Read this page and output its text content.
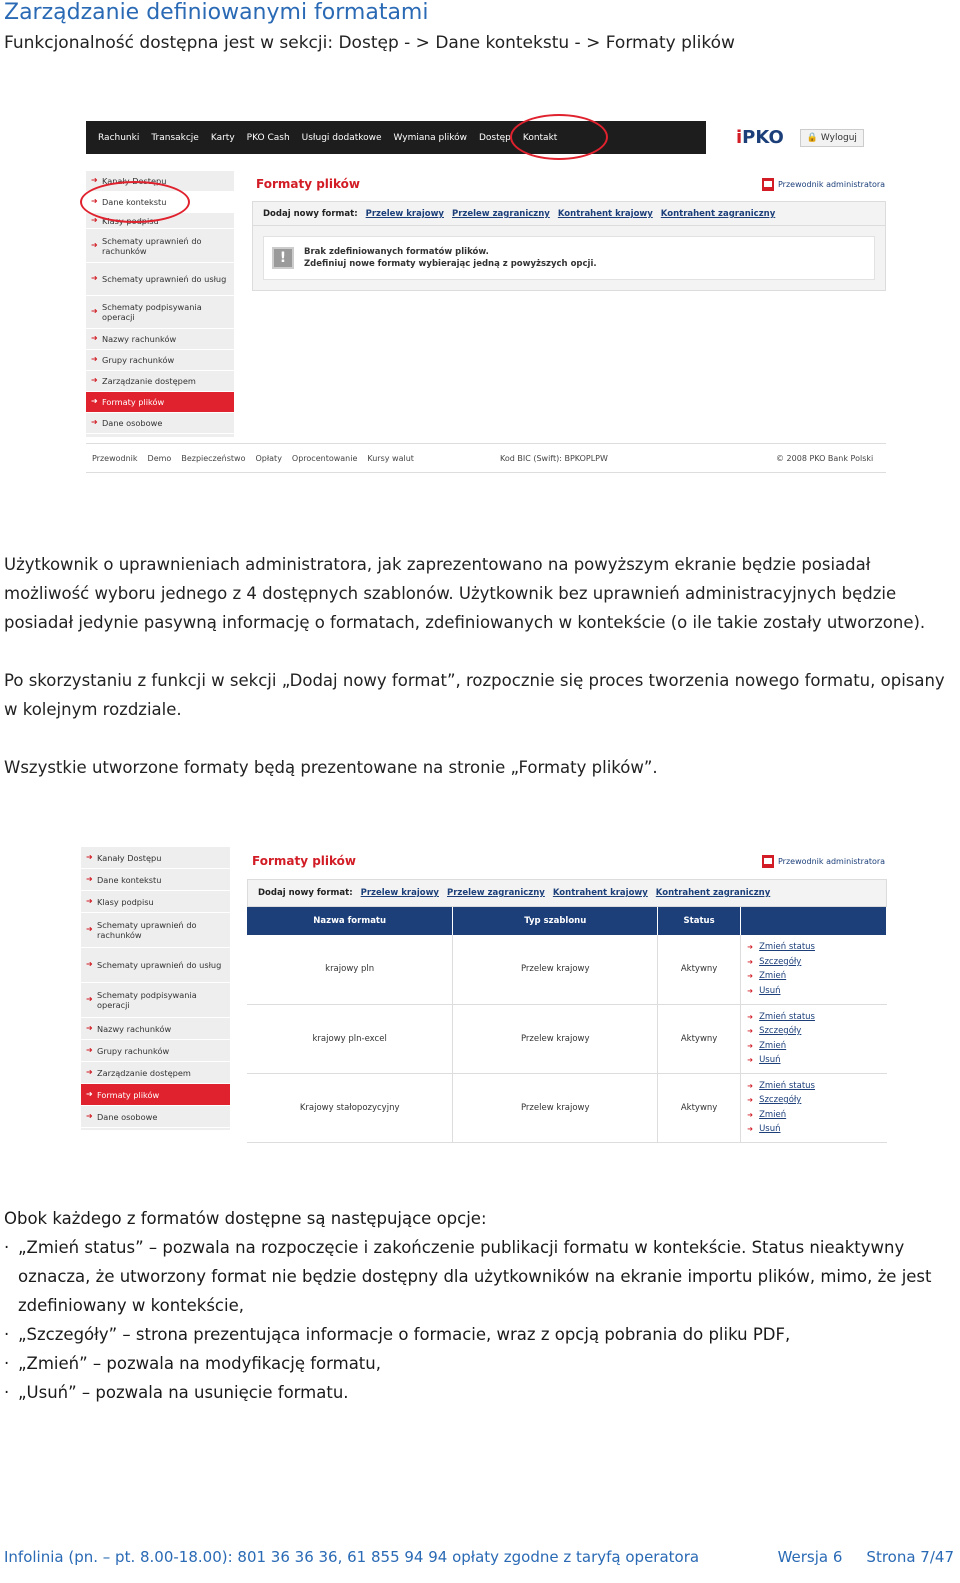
Zarządzanie definiowanymi formatami
Funkcjonalność dostępna jest w sekcji: Dostęp - > Dane kontekstu - > Formaty plików
Rachunki Transakcje Karty PKO Cash Usługi dodatkowe Wymiana plików Dostęp Kontakt	iPKO	🔒 Wyloguj
➜ Kanały Dostępu
➜ Dane kontekstu
➜ Klasy podpisu
➜ Schematy uprawnień do rachunków
➜ Schematy uprawnień do usług
➜ Schematy podpisywania operacji
➜ Nazwy rachunków
➜ Grupy rachunków
➜ Zarządzanie dostępem
➜ Formaty plików
➜ Dane osobowe
Formaty plików	Przewodnik administratora
Dodaj nowy format: Przelew krajowy Przelew zagraniczny Kontrahent krajowy Kontrahent zagraniczny
!	Brak zdefiniowanych formatów plików.
Zdefiniuj nowe formaty wybierając jedną z powyższych opcji.
Przewodnik Demo Bezpieczeństwo Opłaty Oprocentowanie Kursy walut	Kod BIC (Swift): BPKOPLPW	© 2008 PKO Bank Polski
Użytkownik o uprawnieniach administratora, jak zaprezentowano na powyższym ekranie będzie posiadał możliwość wyboru jednego z 4 dostępnych szablonów. Użytkownik bez uprawnień administracyjnych będzie posiadał jedynie pasywną informację o formatach, zdefiniowanych w kontekście (o ile takie zostały utworzone).
Po skorzystaniu z funkcji w sekcji „Dodaj nowy format”, rozpocznie się proces tworzenia nowego formatu, opisany w kolejnym rozdziale.
Wszystkie utworzone formaty będą prezentowane na stronie „Formaty plików”.
➜ Kanały Dostępu
➜ Dane kontekstu
➜ Klasy podpisu
➜ Schematy uprawnień do rachunków
➜ Schematy uprawnień do usług
➜ Schematy podpisywania operacji
➜ Nazwy rachunków
➜ Grupy rachunków
➜ Zarządzanie dostępem
➜ Formaty plików
➜ Dane osobowe
Formaty plików	Przewodnik administratora
Dodaj nowy format: Przelew krajowy Przelew zagraniczny Kontrahent krajowy Kontrahent zagraniczny
Nazwa formatu	Typ szablonu	Status	
krajowy pln	Przelew krajowy	Aktywny	➜ Zmień status
➜ Szczegóły
➜ Zmień
➜ Usuń

krajowy pln-excel	Przelew krajowy	Aktywny	➜ Zmień status
➜ Szczegóły
➜ Zmień
➜ Usuń

Krajowy stałopozycyjny	Przelew krajowy	Aktywny	➜ Zmień status
➜ Szczegóły
➜ Zmień
➜ Usuń
Obok każdego z formatów dostępne są następujące opcje:
· „Zmień status” – pozwala na rozpoczęcie i zakończenie publikacji formatu w kontekście. Status nieaktywny oznacza, że utworzony format nie będzie dostępny dla użytkowników na ekranie importu plików, mimo, że jest zdefiniowany w kontekście,
· „Szczegóły” – strona prezentująca informacje o formacie, wraz z opcją pobrania do pliku PDF,
· „Zmień” – pozwala na modyfikację formatu,
· „Usuń” – pozwala na usunięcie formatu.
Infolinia (pn. – pt. 8.00-18.00): 801 36 36 36, 61 855 94 94 opłaty zgodne z taryfą operatora	Wersja 6 Strona 7/47
